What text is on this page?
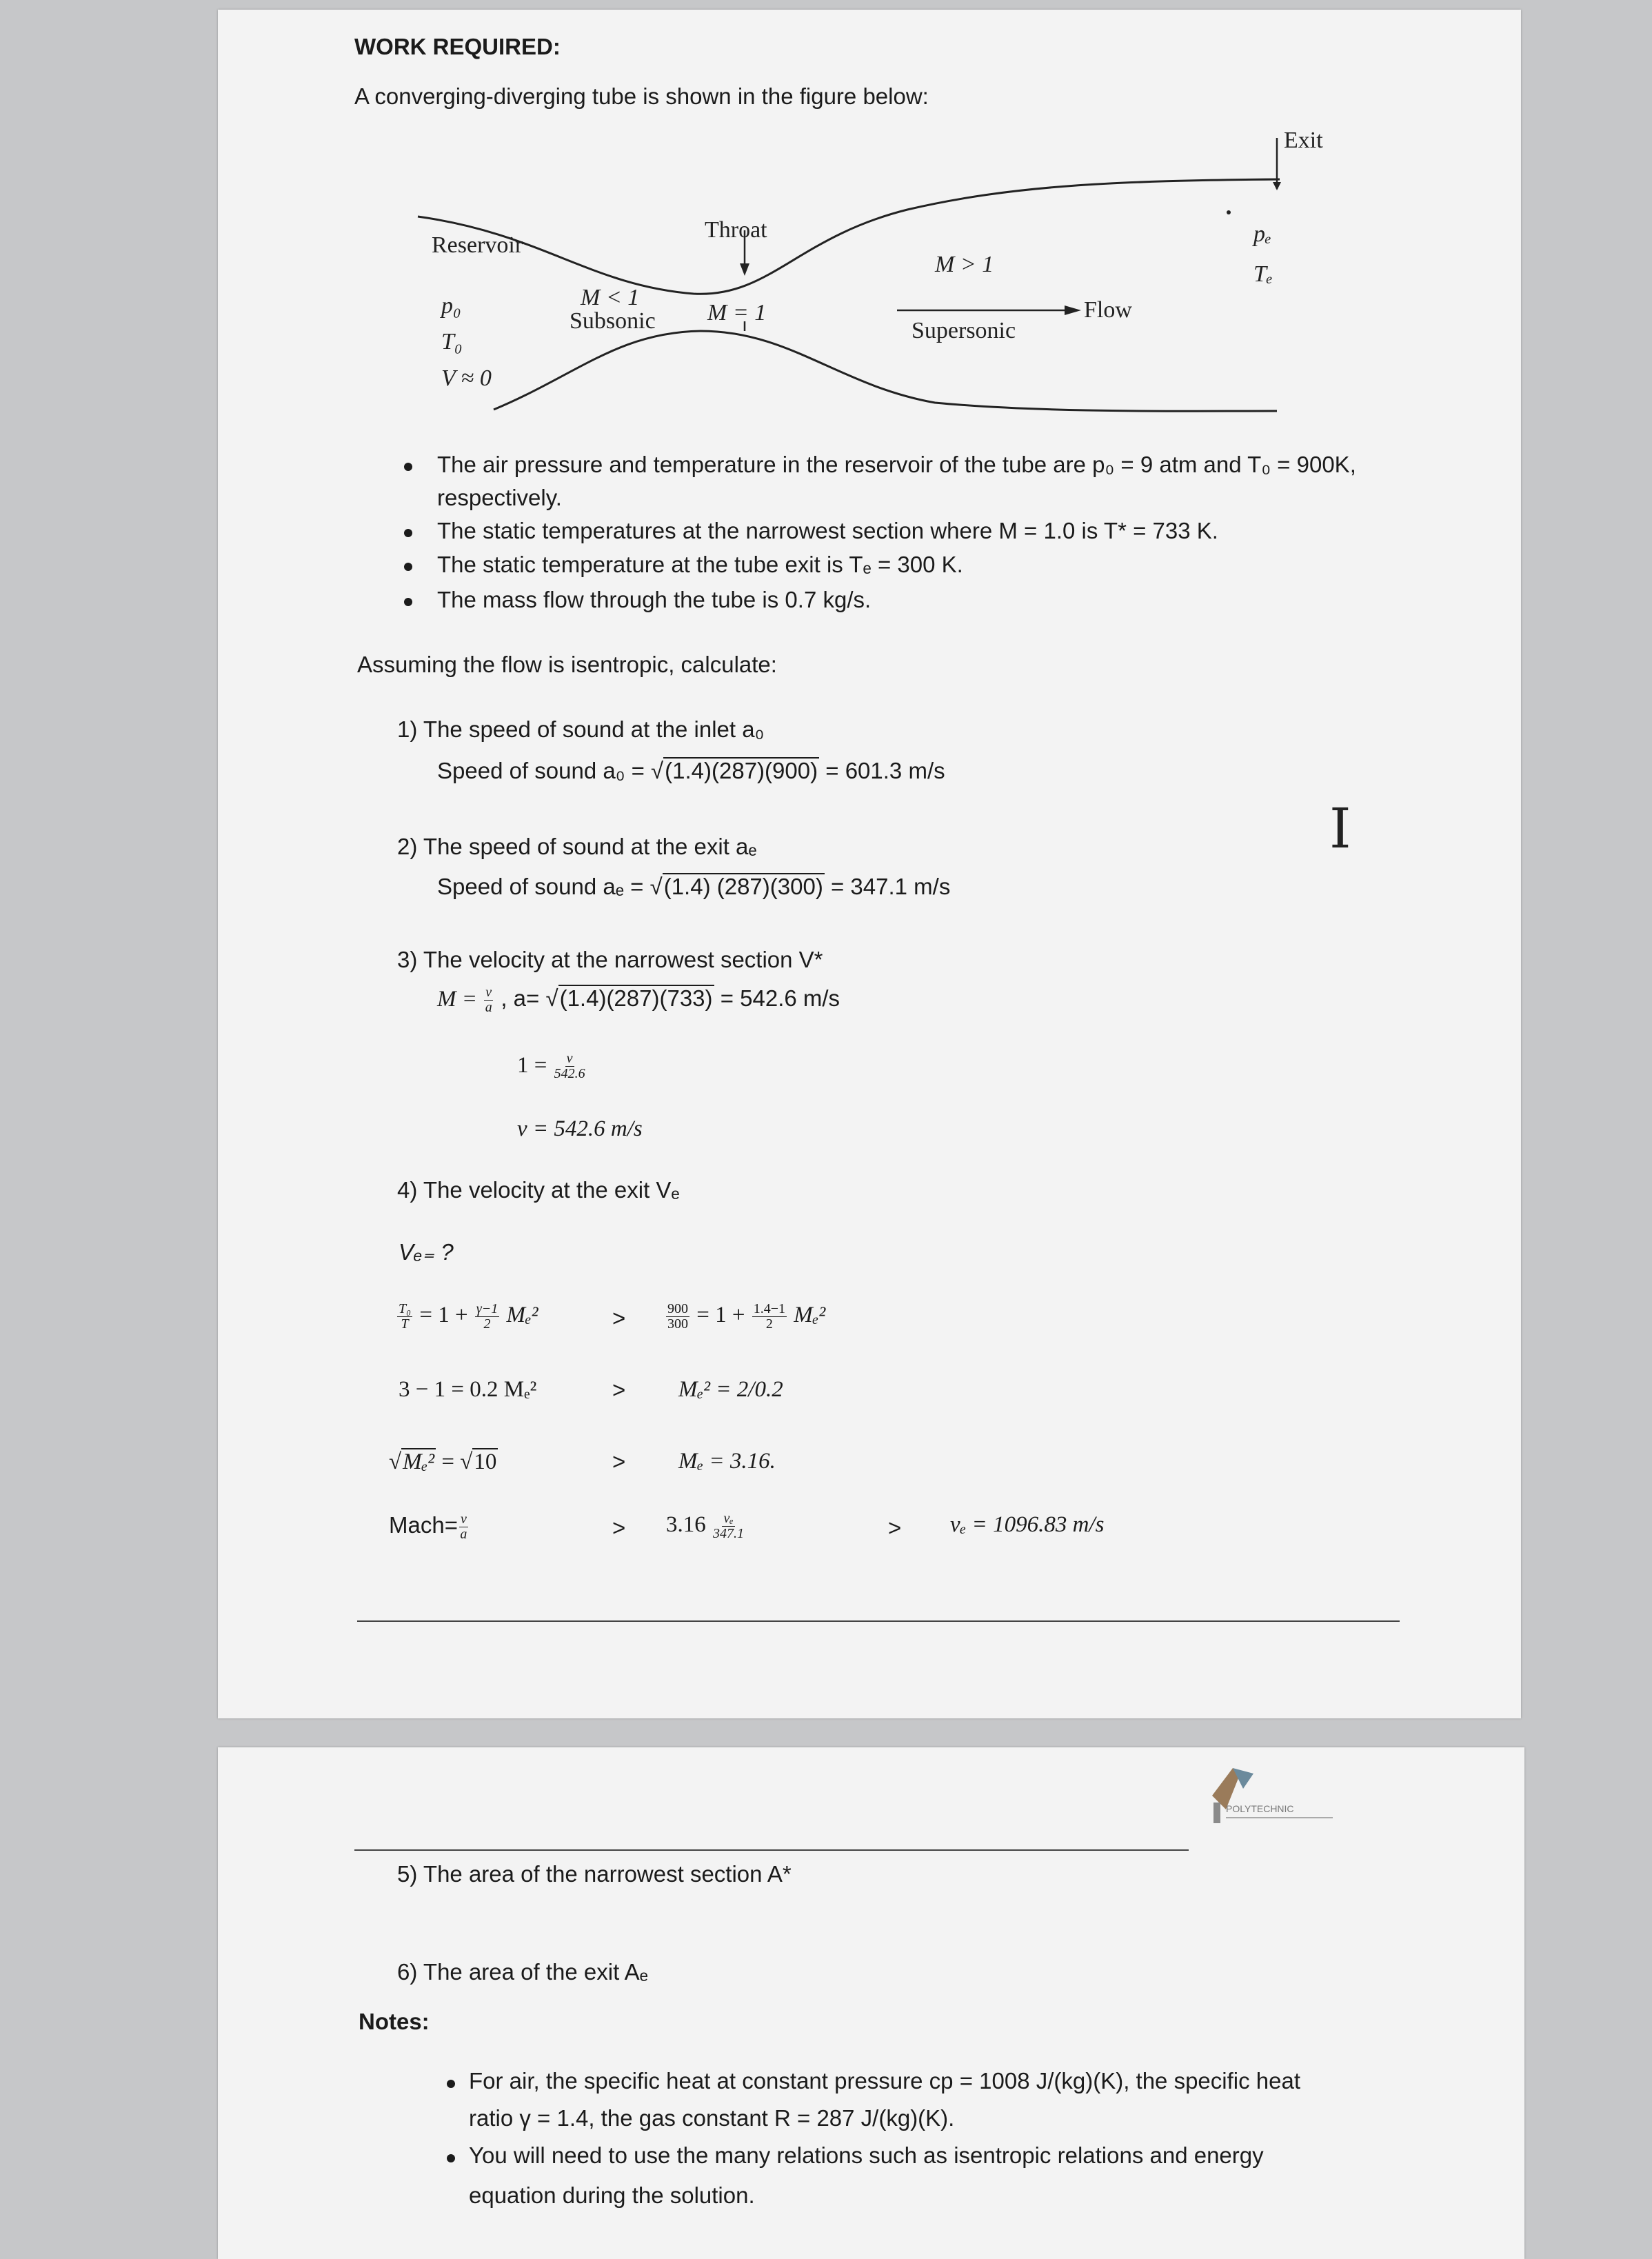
WORK REQUIRED:
A converging-diverging tube is shown in the figure below:
Reservoir
p₀
T₀
V ≈ 0
Throat
M < 1
Subsonic M = 1
M > 1
Supersonic
Flow
Exit
pₑ
Tₑ
The air pressure and temperature in the reservoir of the tube are p₀ = 9 atm and T₀ = 900K,
respectively.
The static temperatures at the narrowest section where M = 1.0 is T* = 733 K.
The static temperature at the tube exit is Tₑ = 300 K.
The mass flow through the tube is 0.7 kg/s.
Assuming the flow is isentropic, calculate:
1) The speed of sound at the inlet a₀
Speed of sound a₀ = √(1.4)(287)(900) = 601.3 m/s
2) The speed of sound at the exit aₑ
Speed of sound aₑ = √(1.4) (287)(300) = 347.1 m/s
I
3) The velocity at the narrowest section V*
$M = \frac{v}{a}$ , a= √(1.4)(287)(733) = 542.6 m/s
$1 = \frac{v}{542.6}$
v = 542.6 m/s
4) The velocity at the exit Vₑ
Vₑ₌ ?
$\frac{\text{T₀}}{T} = 1 + \frac{\gamma-1}{2} M_e^2$	>	$\frac{900}{300} = 1 + \frac{1.4-1}{2} M_e^2$
3 − 1 = 0.2 Mₑ²	> Mₑ² = 2/0.2
√Mₑ² = √10	> Mₑ = 3.16.
Mach= $\frac{v}{a}$	> $3.16 \frac{\text{vₑ}}{347.1}$	> vₑ = 1096.83 m/s
POLYTECHNIC
5) The area of the narrowest section A*
6) The area of the exit Aₑ
Notes:
For air, the specific heat at constant pressure cp = 1008 J/(kg)(K), the specific heat
ratio γ = 1.4, the gas constant R = 287 J/(kg)(K).
You will need to use the many relations such as isentropic relations and energy
equation during the solution.
